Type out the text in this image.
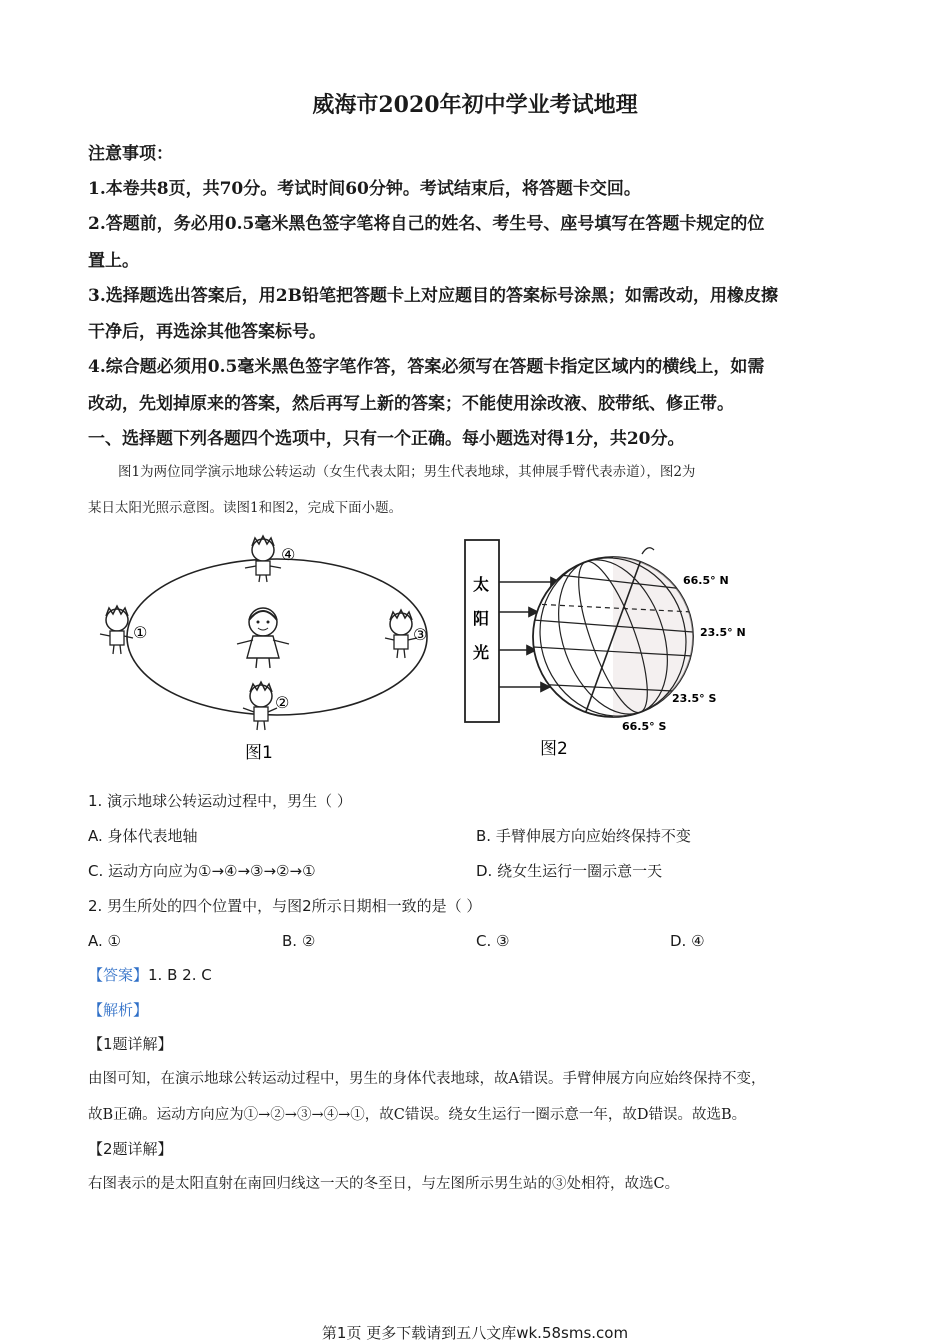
威海市2020年初中学业考试地理
注意事项：
1.本卷共8页，共70分。考试时间60分钟。考试结束后，将答题卡交回。
2.答题前，务必用0.5毫米黑色签字笔将自己的姓名、考生号、座号填写在答题卡规定的位
置上。
3.选择题选出答案后，用2B铅笔把答题卡上对应题目的答案标号涂黑；如需改动，用橡皮擦
干净后，再选涂其他答案标号。
4.综合题必须用0.5毫米黑色签字笔作答，答案必须写在答题卡指定区域内的横线上，如需
改动，先划掉原来的答案，然后再写上新的答案；不能使用涂改液、胶带纸、修正带。
一、选择题下列各题四个选项中，只有一个正确。每小题选对得1分，共20分。
图1为两位同学演示地球公转运动（女生代表太阳；男生代表地球，其伸展手臂代表赤道），图2为
某日太阳光照示意图。读图1和图2，完成下面小题。
④
①	③
②
图1
太
阳
光
66.5° N
23.5° N
23.5° S
66.5° S
图2
1. 演示地球公转运动过程中，男生（ ）
A. 身体代表地轴	B. 手臂伸展方向应始终保持不变
C. 运动方向应为①→④→③→②→①	D. 绕女生运行一圈示意一天
2. 男生所处的四个位置中，与图2所示日期相一致的是（ ）
A. ①	B. ②	C. ③	D. ④
【答案】1. B 2. C
【解析】
【1题详解】
由图可知，在演示地球公转运动过程中，男生的身体代表地球，故A错误。手臂伸展方向应始终保持不变，
故B正确。运动方向应为①→②→③→④→①，故C错误。绕女生运行一圈示意一年，故D错误。故选B。
【2题详解】
右图表示的是太阳直射在南回归线这一天的冬至日，与左图所示男生站的③处相符，故选C。
第1页 更多下载请到五八文库wk.58sms.com
